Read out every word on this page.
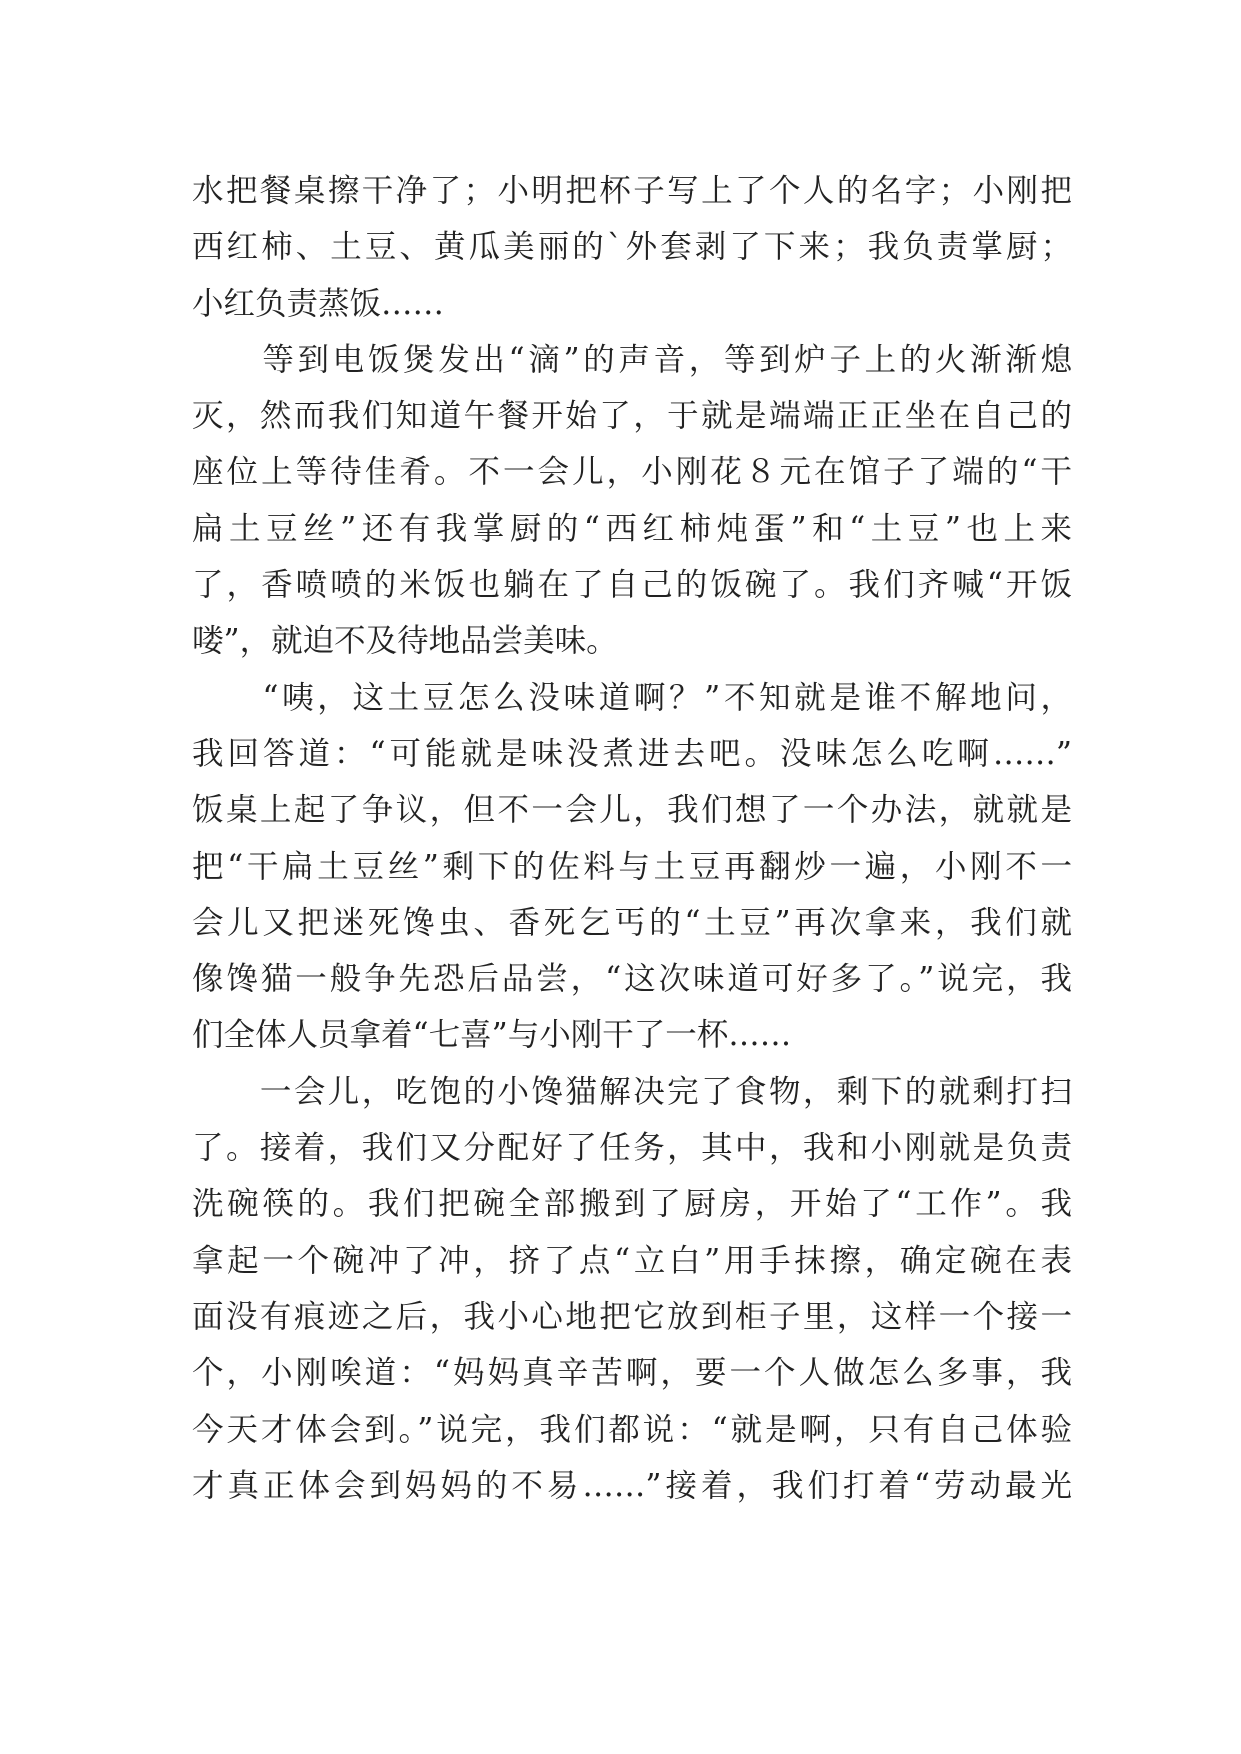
水把餐桌擦干净了；小明把杯子写上了个人的名字；小刚把
西红柿、土豆、黄瓜美丽的`外套剥了下来；我负责掌厨；
小红负责蒸饭……
　　等到电饭煲发出“滴”的声音，等到炉子上的火渐渐熄
灭，然而我们知道午餐开始了，于就是端端正正坐在自己的
座位上等待佳肴。不一会儿，小刚花８元在馆子了端的“干
扁土豆丝”还有我掌厨的“西红柿炖蛋”和“土豆”也上来
了，香喷喷的米饭也躺在了自己的饭碗了。我们齐喊“开饭
喽”，就迫不及待地品尝美味。
　　“咦，这土豆怎么没味道啊？”不知就是谁不解地问，
我回答道：“可能就是味没煮进去吧。没味怎么吃啊……”
饭桌上起了争议，但不一会儿，我们想了一个办法，就就是
把“干扁土豆丝”剩下的佐料与土豆再翻炒一遍，小刚不一
会儿又把迷死馋虫、香死乞丐的“土豆”再次拿来，我们就
像馋猫一般争先恐后品尝，“这次味道可好多了。”说完，我
们全体人员拿着“七喜”与小刚干了一杯……
　　一会儿，吃饱的小馋猫解决完了食物，剩下的就剩打扫
了。接着，我们又分配好了任务，其中，我和小刚就是负责
洗碗筷的。我们把碗全部搬到了厨房，开始了“工作”。我
拿起一个碗冲了冲，挤了点“立白”用手抹擦，确定碗在表
面没有痕迹之后，我小心地把它放到柜子里，这样一个接一
个，小刚唉道：“妈妈真辛苦啊，要一个人做怎么多事，我
今天才体会到。”说完，我们都说：“就是啊，只有自己体验
才真正体会到妈妈的不易……”接着，我们打着“劳动最光
